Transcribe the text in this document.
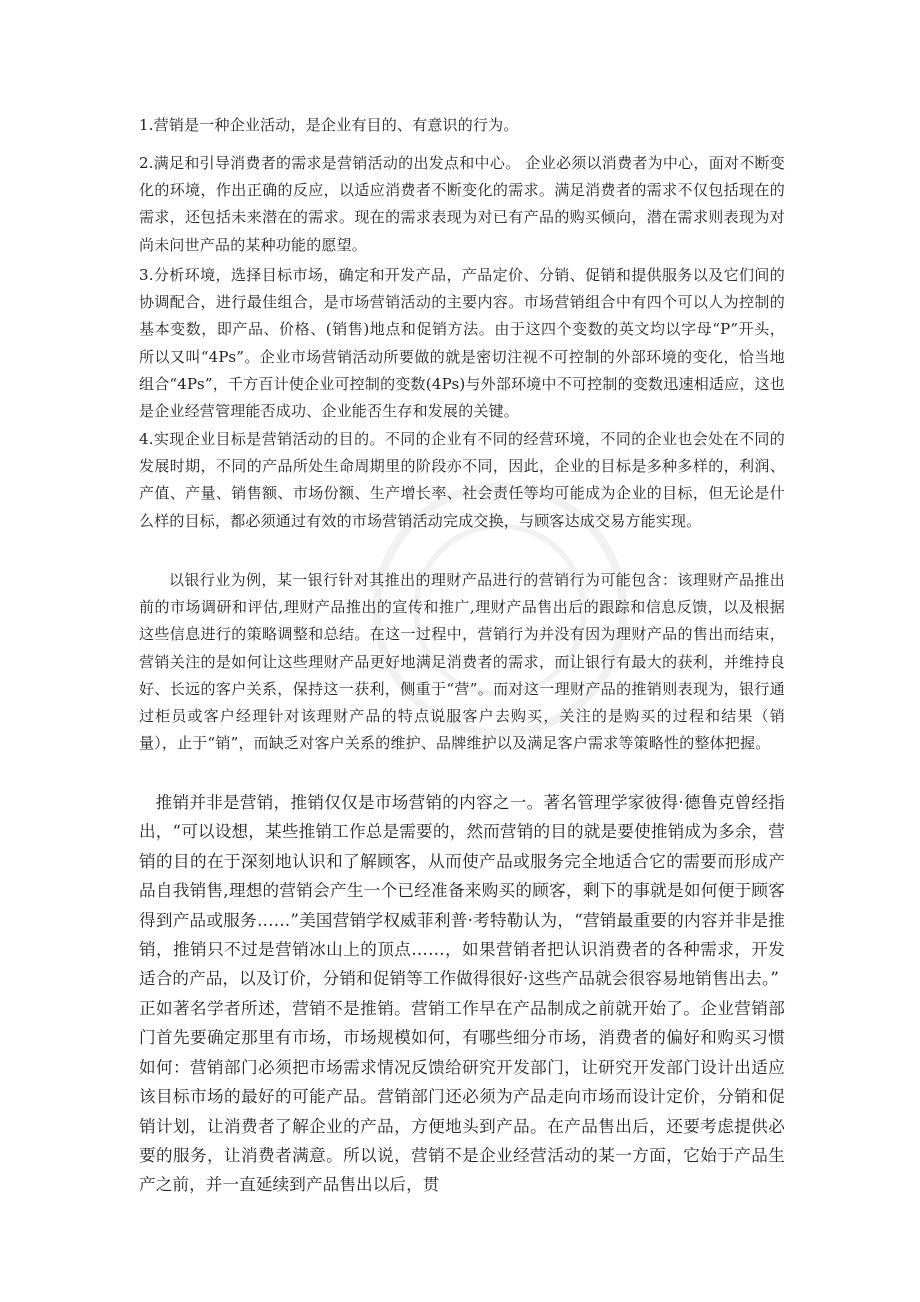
1.营销是一种企业活动，是企业有目的、有意识的行为。

2.满足和引导消费者的需求是营销活动的出发点和中心。 企业必须以消费者为中心，面对不断变化的环境，作出正确的反应，以适应消费者不断变化的需求。满足消费者的需求不仅包括现在的需求，还包括未来潜在的需求。现在的需求表现为对已有产品的购买倾向，潜在需求则表现为对尚未问世产品的某种功能的愿望。

3.分析环境，选择目标市场，确定和开发产品，产品定价、分销、促销和提供服务以及它们间的协调配合，进行最佳组合，是市场营销活动的主要内容。市场营销组合中有四个可以人为控制的基本变数，即产品、价格、(销售)地点和促销方法。由于这四个变数的英文均以字母“P”开头，所以又叫“4Ps”。企业市场营销活动所要做的就是密切注视不可控制的外部环境的变化，恰当地组合“4Ps”，千方百计使企业可控制的变数(4Ps)与外部环境中不可控制的变数迅速相适应，这也是企业经营管理能否成功、企业能否生存和发展的关键。

4.实现企业目标是营销活动的目的。不同的企业有不同的经营环境，不同的企业也会处在不同的发展时期，不同的产品所处生命周期里的阶段亦不同，因此，企业的目标是多种多样的，利润、产值、产量、销售额、市场份额、生产增长率、社会责任等均可能成为企业的目标，但无论是什么样的目标，都必须通过有效的市场营销活动完成交换，与顾客达成交易方能实现。

以银行业为例，某一银行针对其推出的理财产品进行的营销行为可能包含：该理财产品推出前的市场调研和评估,理财产品推出的宣传和推广,理财产品售出后的跟踪和信息反馈，以及根据这些信息进行的策略调整和总结。在这一过程中，营销行为并没有因为理财产品的售出而结束，营销关注的是如何让这些理财产品更好地满足消费者的需求，而让银行有最大的获利，并维持良好、长远的客户关系，保持这一获利，侧重于“营”。而对这一理财产品的推销则表现为，银行通过柜员或客户经理针对该理财产品的特点说服客户去购买，关注的是购买的过程和结果（销量），止于“销”，而缺乏对客户关系的维护、品牌维护以及满足客户需求等策略性的整体把握。

推销并非是营销，推销仅仅是市场营销的内容之一。著名管理学家彼得·德鲁克曾经指出，“可以设想，某些推销工作总是需要的，然而营销的目的就是要使推销成为多余，营销的目的在于深刻地认识和了解顾客，从而使产品或服务完全地适合它的需要而形成产品自我销售,理想的营销会产生一个已经准备来购买的顾客，剩下的事就是如何便于顾客得到产品或服务……”美国营销学权威菲利普·考特勒认为，“营销最重要的内容并非是推销，推销只不过是营销冰山上的顶点……，如果营销者把认识消费者的各种需求，开发适合的产品，以及订价，分销和促销等工作做得很好·这些产品就会很容易地销售出去。”

正如著名学者所述，营销不是推销。营销工作早在产品制成之前就开始了。企业营销部门首先要确定那里有市场，市场规模如何，有哪些细分市场，消费者的偏好和购买习惯如何：营销部门必须把市场需求情况反馈给研究开发部门，让研究开发部门设计出适应该目标市场的最好的可能产品。营销部门还必须为产品走向市场而设计定价，分销和促销计划，让消费者了解企业的产品，方便地头到产品。在产品售出后，还要考虑提供必要的服务，让消费者满意。所以说，营销不是企业经营活动的某一方面，它始于产品生产之前，并一直延续到产品售出以后，贯
